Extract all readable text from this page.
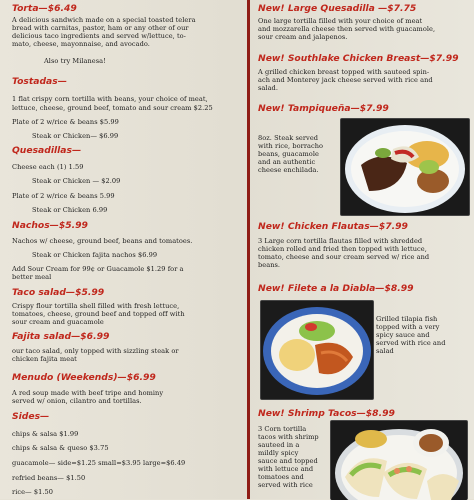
Torta—$6.49
A delicious sandwich made on a special toasted telera
bread with carnitas, pastor, ham or any other of our
delicious taco ingredients and served w/lettuce, to-
mato, cheese, mayonnaise, and avocado.
Also try Milanesa!
Tostadas—
1 flat crispy corn tortilla with beans, your choice of meat,
lettuce, cheese, ground beef, tomato and sour cream $2.25
Plate of 2 w/rice & beans $5.99
Steak or Chicken— $6.99
Quesadillas—
Cheese each (1) 1.59
Steak or Chicken — $2.09
Plate of 2 w/rice & beans 5.99
Steak or Chicken 6.99
Nachos—$5.99
Nachos w/ cheese, ground beef, beans and tomatoes.
Steak or Chicken fajita nachos $6.99
Add Sour Cream for 99¢ or Guacamole $1.29 for a
better meal
Taco salad—$5.99
Crispy flour tortilla shell filled with fresh lettuce,
tomatoes, cheese, ground beef and topped off with
sour cream and guacamole
Fajita salad—$6.99
our taco salad, only topped with sizzling steak or
chicken fajita meat
Menudo (Weekends)—$6.99
A red soup made with beef tripe and hominy
served w/ onion, cilantro and tortillas.
Sides—
chips & salsa $1.99
chips & salsa & queso $3.75
guacamole— side=$1.25 small=$3.95 large=$6.49
refried beans— $1.50
rice— $1.50
New! Large Quesadilla —$7.75
One large tortilla filled with your choice of meat
and mozzarella cheese then served with guacamole,
sour cream and jalapenos.
New! Southlake Chicken Breast—$7.99
A grilled chicken breast topped with sauteed spin-
ach and Monterey jack cheese served with rice and
salad.
New! Tampiqueña—$7.99
8oz. Steak served
with rice, borracho
beans, guacamole
and an authentic
cheese enchilada.
New! Chicken Flautas—$7.99
3 Large corn tortilla flautas filled with shredded
chicken rolled and fried then topped with lettuce,
tomato, cheese and sour cream served w/ rice and
beans.
New! Filete a la Diabla—$8.99
Grilled tilapia fish
topped with a very
spicy sauce and
served with rice and
salad
New! Shrimp Tacos—$8.99
3 Corn tortilla
tacos with shrimp
sauteed in a
mildly spicy
sauce and topped
with lettuce and
tomatoes and
served with rice
